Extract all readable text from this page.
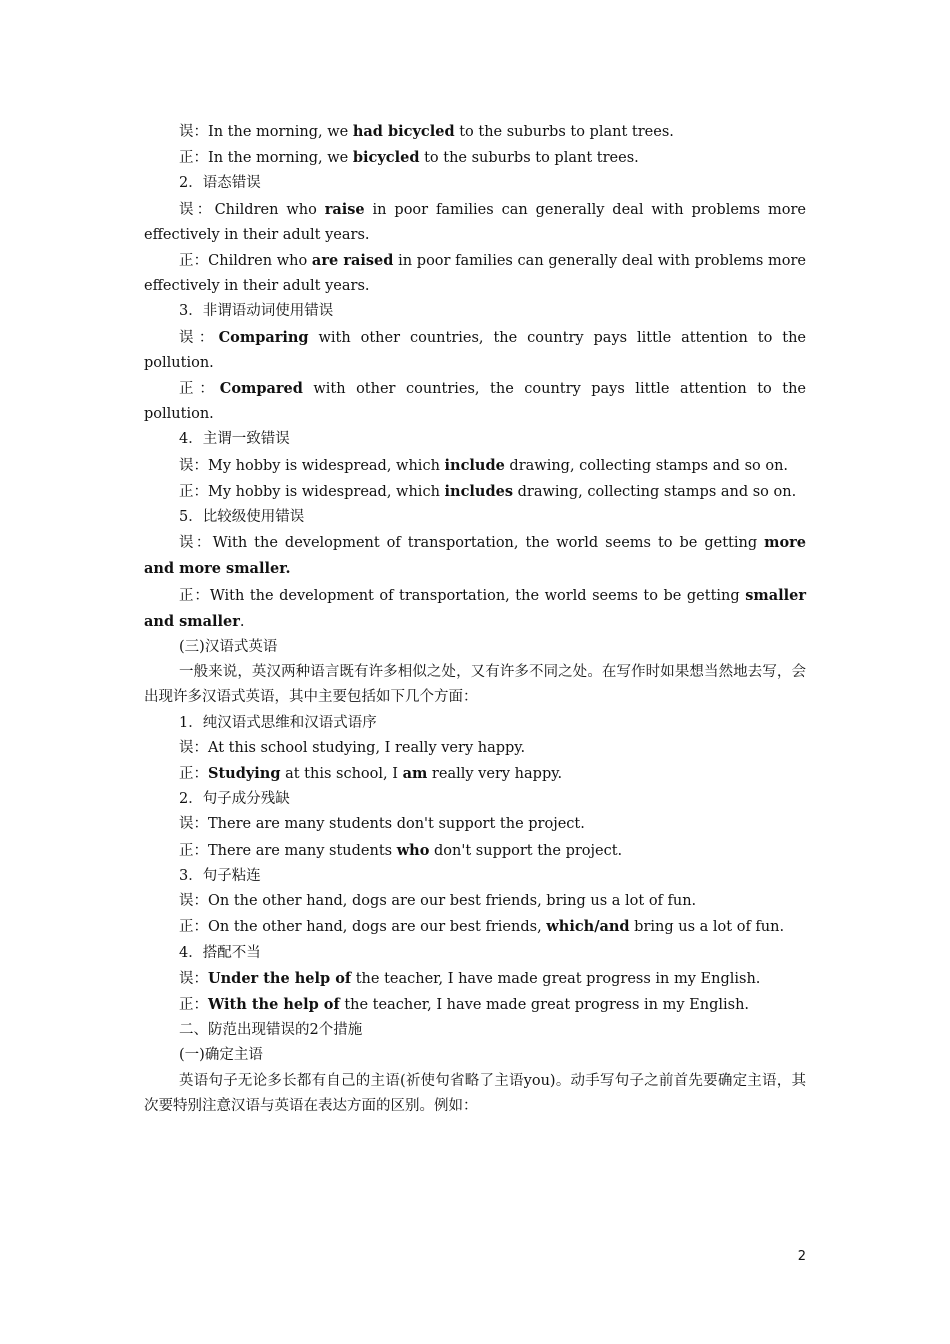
误：In the morning, we had bicycled to the suburbs to plant trees.

正：In the morning, we bicycled to the suburbs to plant trees.

2．语态错误

误：Children who raise in poor families can generally deal with problems more effectively in their adult years.

正：Children who are raised in poor families can generally deal with problems more effectively in their adult years.

3．非谓语动词使用错误

误：Comparing with other countries, the country pays little attention to the pollution.

正：Compared with other countries, the country pays little attention to the pollution.

4．主谓一致错误

误：My hobby is widespread, which include drawing, collecting stamps and so on.

正：My hobby is widespread, which includes drawing, collecting stamps and so on.

5．比较级使用错误

误：With the development of transportation, the world seems to be getting more and more smaller.

正：With the development of transportation, the world seems to be getting smaller and smaller.

(三)汉语式英语

一般来说，英汉两种语言既有许多相似之处，又有许多不同之处。在写作时如果想当然地去写，会出现许多汉语式英语，其中主要包括如下几个方面：

1．纯汉语式思维和汉语式语序

误：At this school studying, I really very happy.

正：Studying at this school, I am really very happy.

2．句子成分残缺

误：There are many students don't support the project.

正：There are many students who don't support the project.

3．句子粘连

误：On the other hand, dogs are our best friends, bring us a lot of fun.

正：On the other hand, dogs are our best friends, which/and bring us a lot of fun.

4．搭配不当

误：Under the help of the teacher, I have made great progress in my English.

正：With the help of the teacher, I have made great progress in my English.

二、防范出现错误的2个措施

(一)确定主语

英语句子无论多长都有自己的主语(祈使句省略了主语you)。动手写句子之前首先要确定主语，其次要特别注意汉语与英语在表达方面的区别。例如：

2
